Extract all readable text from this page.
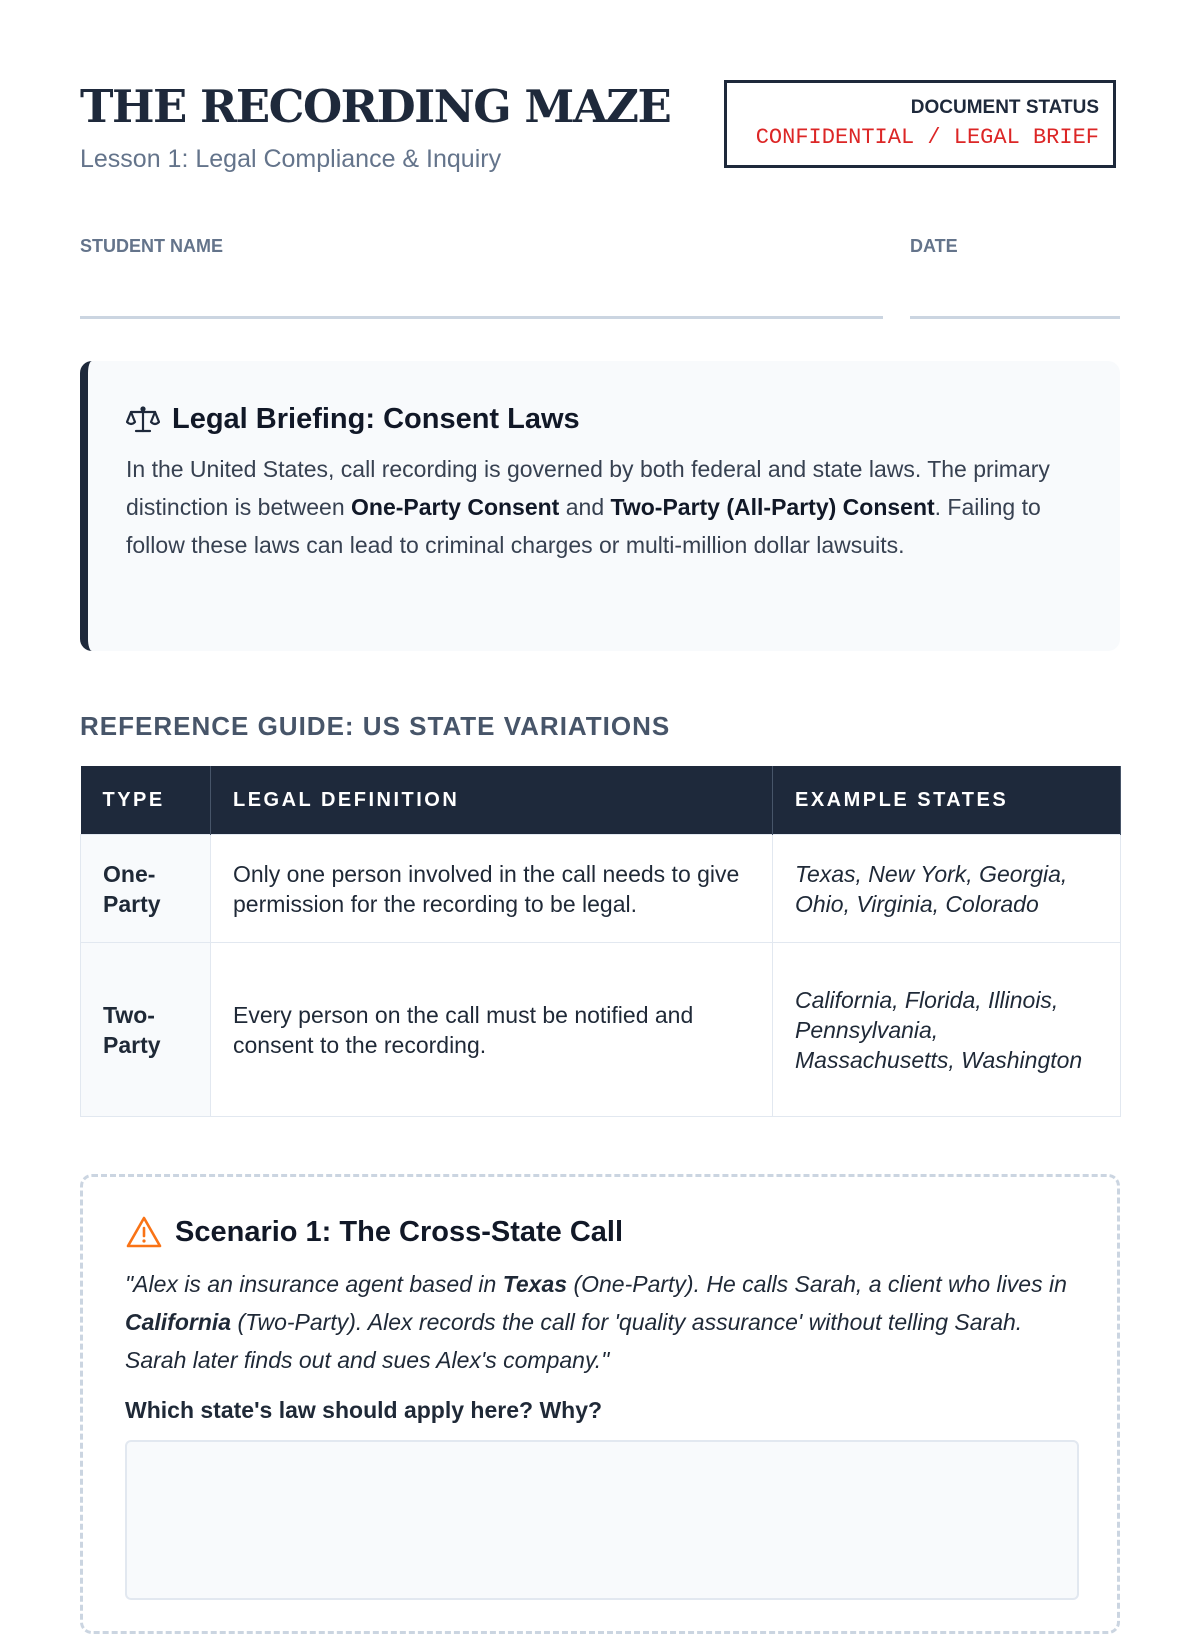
THE RECORDING MAZE
Lesson 1: Legal Compliance & Inquiry
DOCUMENT STATUS
CONFIDENTIAL / LEGAL BRIEF
STUDENT NAME	DATE
Legal Briefing: Consent Laws
In the United States, call recording is governed by both federal and state laws. The primary distinction is between One-Party Consent and Two-Party (All-Party) Consent. Failing to follow these laws can lead to criminal charges or multi-million dollar lawsuits.
REFERENCE GUIDE: US STATE VARIATIONS
TYPE	LEGAL DEFINITION	EXAMPLE STATES
One-Party	Only one person involved in the call needs to give permission for the recording to be legal.	Texas, New York, Georgia, Ohio, Virginia, Colorado
Two-Party	Every person on the call must be notified and consent to the recording.	California, Florida, Illinois, Pennsylvania, Massachusetts, Washington
Scenario 1: The Cross-State Call
"Alex is an insurance agent based in Texas (One-Party). He calls Sarah, a client who lives in California (Two-Party). Alex records the call for 'quality assurance' without telling Sarah. Sarah later finds out and sues Alex's company."
Which state's law should apply here? Why?
